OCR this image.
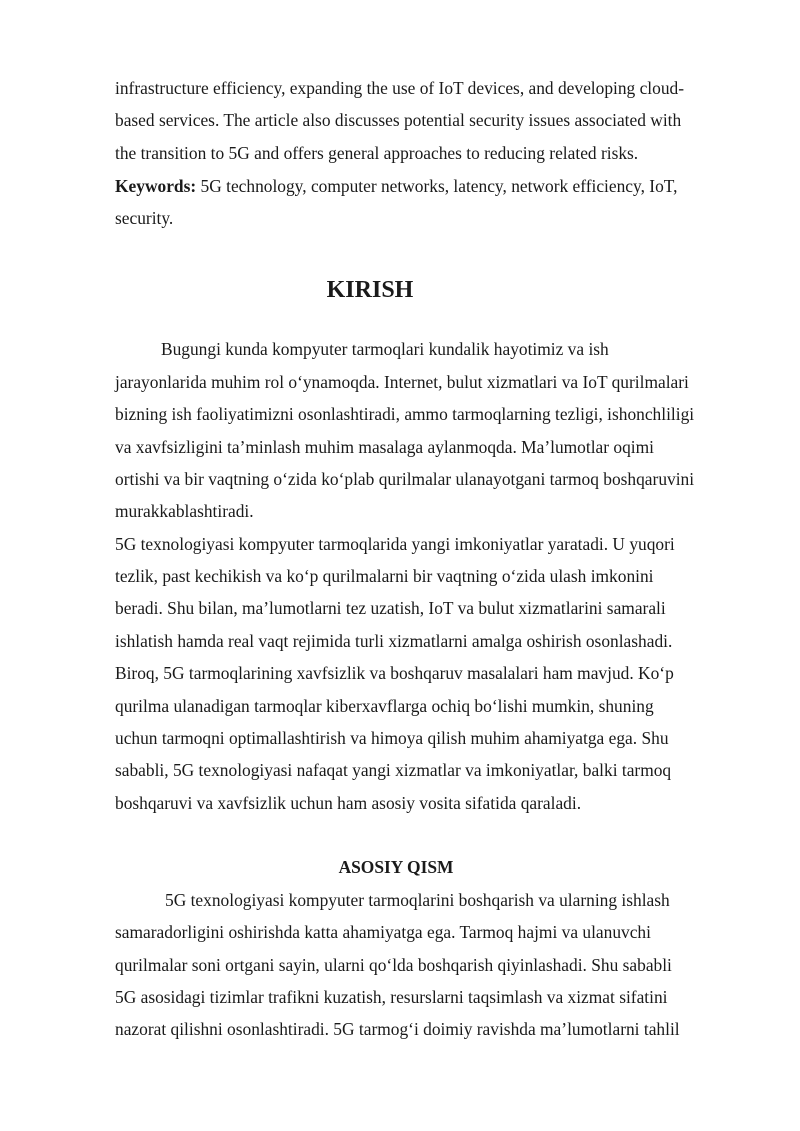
infrastructure efficiency, expanding the use of IoT devices, and developing cloud-
based services. The article also discusses potential security issues associated with
the transition to 5G and offers general approaches to reducing related risks.
Keywords: 5G technology, computer networks, latency, network efficiency, IoT,
security.
KIRISH
Bugungi kunda kompyuter tarmoqlari kundalik hayotimiz va ish
jarayonlarida muhim rol o‘ynamoqda. Internet, bulut xizmatlari va IoT qurilmalari
bizning ish faoliyatimizni osonlashtiradi, ammo tarmoqlarning tezligi, ishonchliligi
va xavfsizligini ta’minlash muhim masalaga aylanmoqda. Ma’lumotlar oqimi
ortishi va bir vaqtning o‘zida ko‘plab qurilmalar ulanayotgani tarmoq boshqaruvini
murakkablashtiradi.
5G texnologiyasi kompyuter tarmoqlarida yangi imkoniyatlar yaratadi. U yuqori
tezlik, past kechikish va ko‘p qurilmalarni bir vaqtning o‘zida ulash imkonini
beradi. Shu bilan, ma’lumotlarni tez uzatish, IoT va bulut xizmatlarini samarali
ishlatish hamda real vaqt rejimida turli xizmatlarni amalga oshirish osonlashadi.
Biroq, 5G tarmoqlarining xavfsizlik va boshqaruv masalalari ham mavjud. Ko‘p
qurilma ulanadigan tarmoqlar kiberxavflarga ochiq bo‘lishi mumkin, shuning
uchun tarmoqni optimallashtirish va himoya qilish muhim ahamiyatga ega. Shu
sababli, 5G texnologiyasi nafaqat yangi xizmatlar va imkoniyatlar, balki tarmoq
boshqaruvi va xavfsizlik uchun ham asosiy vosita sifatida qaraladi.
ASOSIY QISM
5G texnologiyasi kompyuter tarmoqlarini boshqarish va ularning ishlash
samaradorligini oshirishda katta ahamiyatga ega. Tarmoq hajmi va ulanuvchi
qurilmalar soni ortgani sayin, ularni qo‘lda boshqarish qiyinlashadi. Shu sababli
5G asosidagi tizimlar trafikni kuzatish, resurslarni taqsimlash va xizmat sifatini
nazorat qilishni osonlashtiradi. 5G tarmog‘i doimiy ravishda ma’lumotlarni tahlil
